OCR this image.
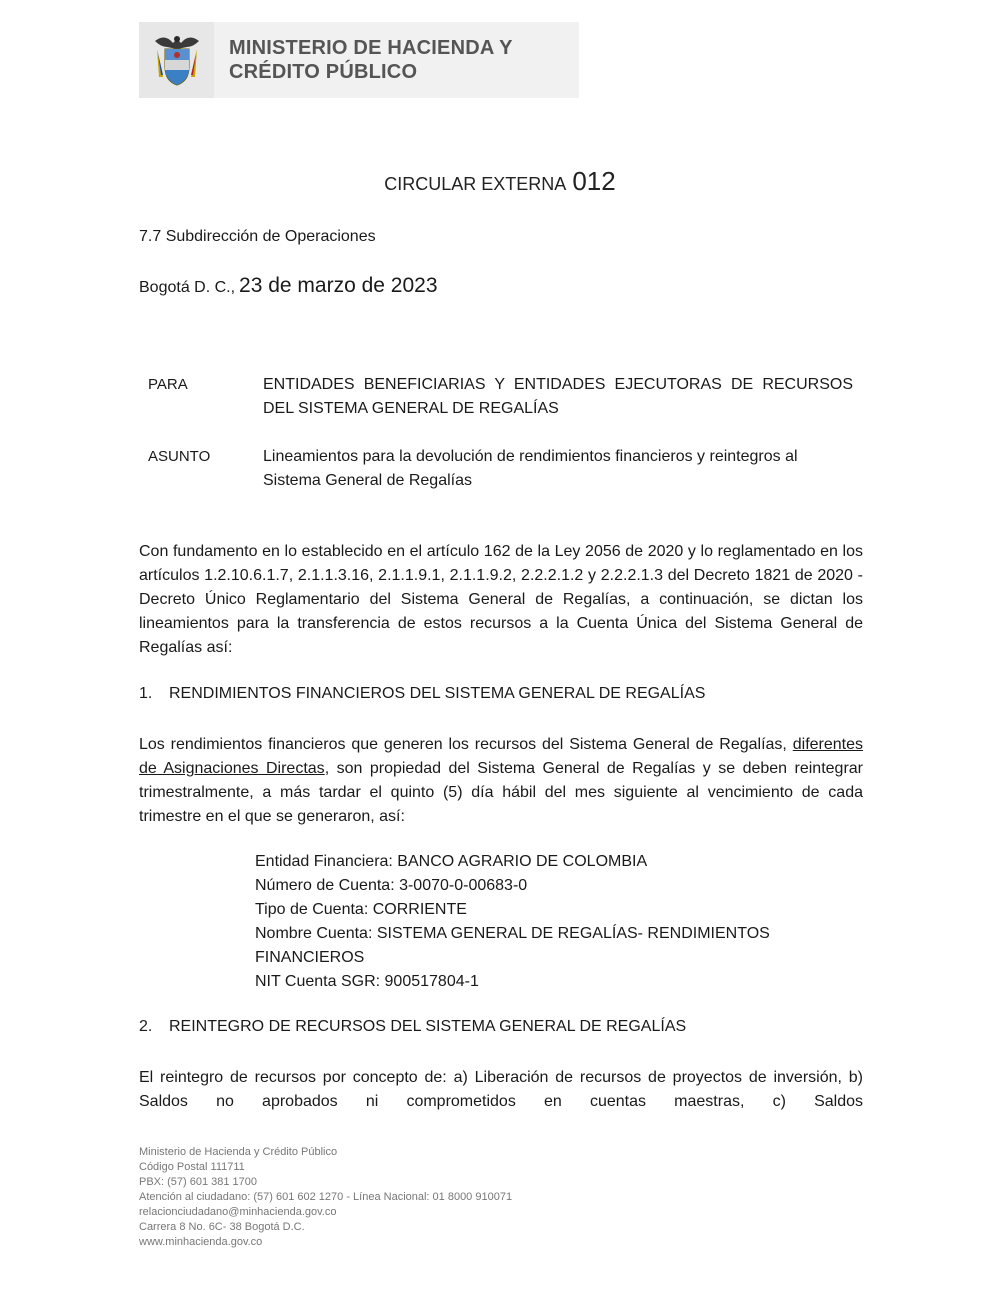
MINISTERIO DE HACIENDA Y
CRÉDITO PÚBLICO
CIRCULAR EXTERNA 012
7.7 Subdirección de Operaciones
Bogotá D. C., 23 de marzo de 2023
PARA	ENTIDADES BENEFICIARIAS Y ENTIDADES EJECUTORAS DE RECURSOS DEL SISTEMA GENERAL DE REGALÍAS
ASUNTO	Lineamientos para la devolución de rendimientos financieros y reintegros al Sistema General de Regalías
Con fundamento en lo establecido en el artículo 162 de la Ley 2056 de 2020 y lo reglamentado en los artículos 1.2.10.6.1.7, 2.1.1.3.16, 2.1.1.9.1, 2.1.1.9.2, 2.2.2.1.2 y 2.2.2.1.3 del Decreto 1821 de 2020 - Decreto Único Reglamentario del Sistema General de Regalías, a continuación, se dictan los lineamientos para la transferencia de estos recursos a la Cuenta Única del Sistema General de Regalías así:
1. RENDIMIENTOS FINANCIEROS DEL SISTEMA GENERAL DE REGALÍAS
Los rendimientos financieros que generen los recursos del Sistema General de Regalías, diferentes de Asignaciones Directas, son propiedad del Sistema General de Regalías y se deben reintegrar trimestralmente, a más tardar el quinto (5) día hábil del mes siguiente al vencimiento de cada trimestre en el que se generaron, así:
Entidad Financiera: BANCO AGRARIO DE COLOMBIA
Número de Cuenta: 3-0070-0-00683-0
Tipo de Cuenta: CORRIENTE
Nombre Cuenta: SISTEMA GENERAL DE REGALÍAS- RENDIMIENTOS FINANCIEROS
NIT Cuenta SGR: 900517804-1
2. REINTEGRO DE RECURSOS DEL SISTEMA GENERAL DE REGALÍAS
El reintegro de recursos por concepto de: a) Liberación de recursos de proyectos de inversión, b) Saldos no aprobados ni comprometidos en cuentas maestras, c) Saldos
Ministerio de Hacienda y Crédito Público
Código Postal 111711
PBX: (57) 601 381 1700
Atención al ciudadano: (57) 601 602 1270 - Línea Nacional: 01 8000 910071
relacionciudadano@minhacienda.gov.co
Carrera 8 No. 6C- 38 Bogotá D.C.
www.minhacienda.gov.co
